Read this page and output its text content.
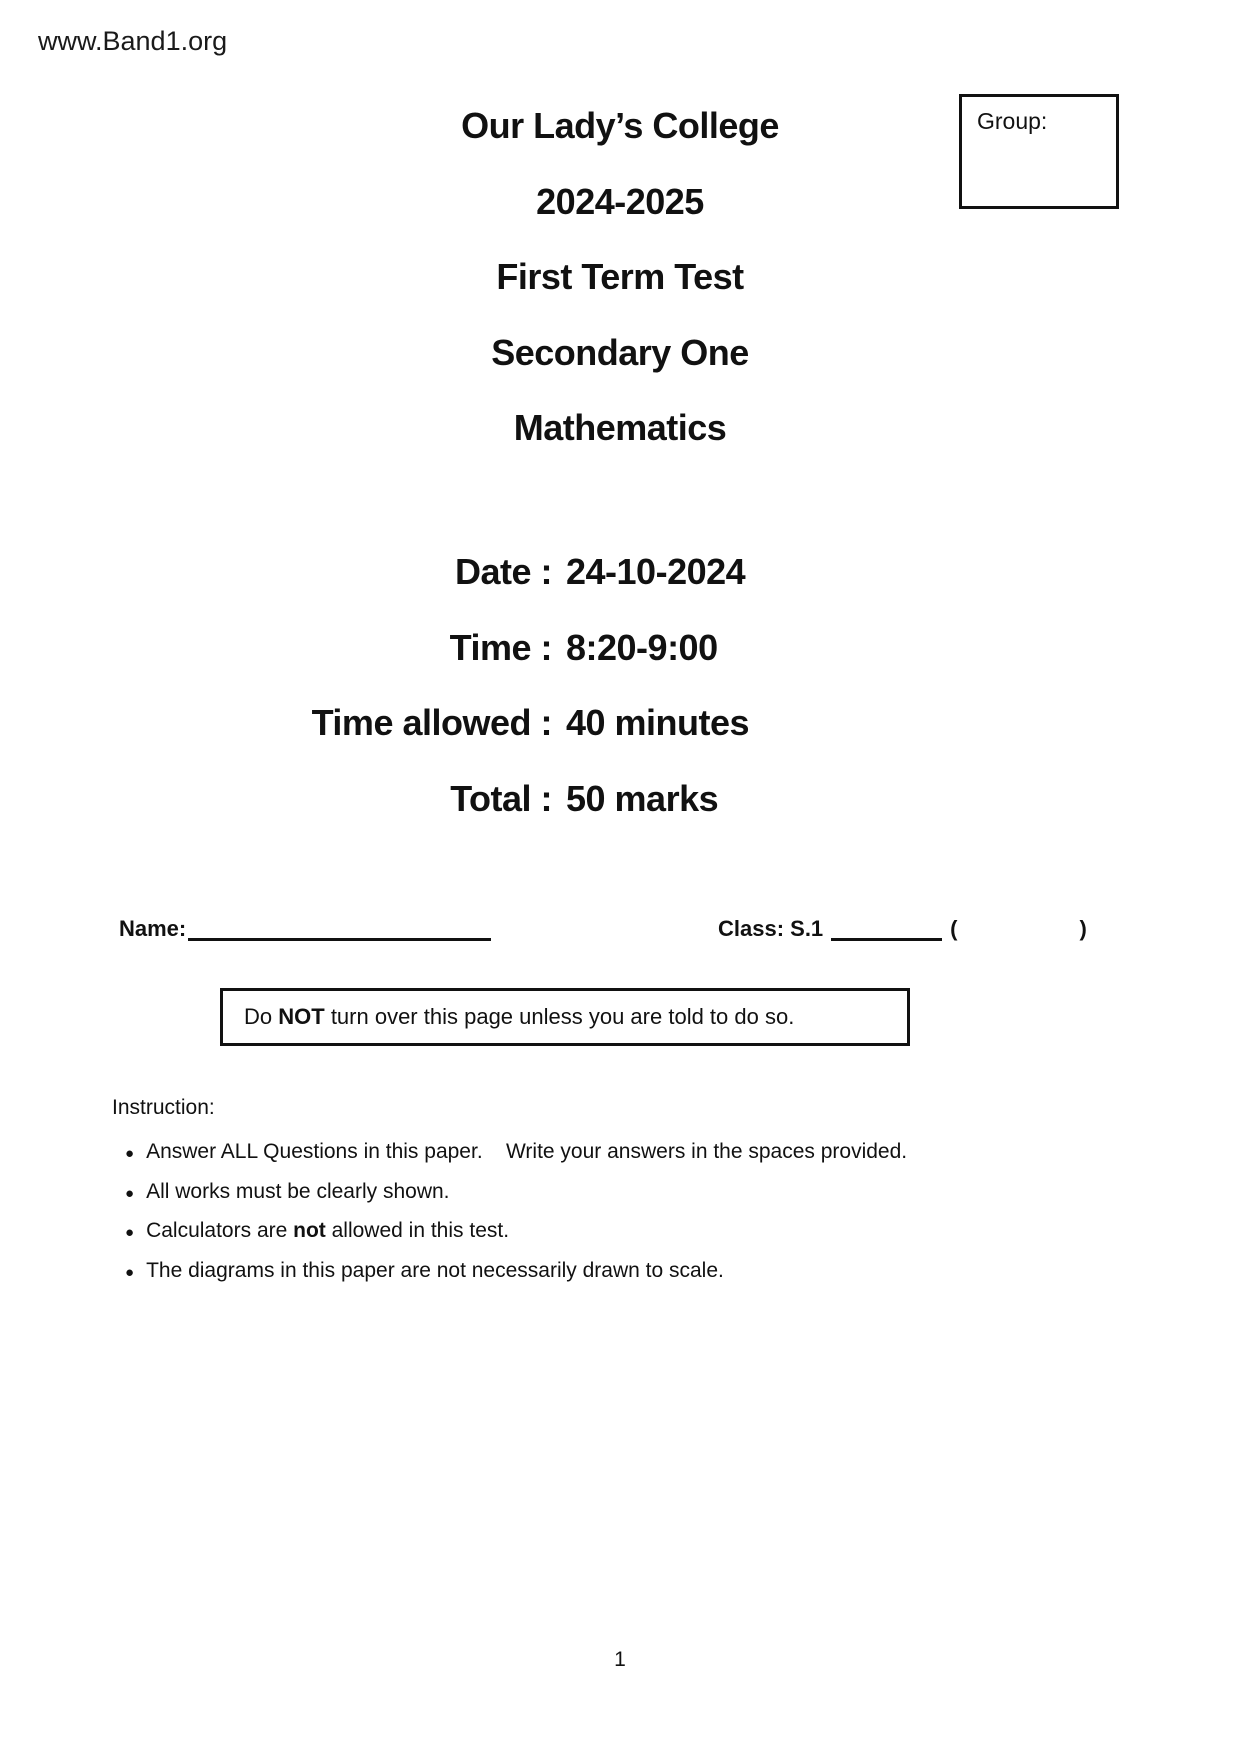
www.Band1.org
Group:
Our Lady’s College
2024-2025
First Term Test
Secondary One
Mathematics
Date : 24-10-2024
Time : 8:20-9:00
Time allowed : 40 minutes
Total : 50 marks
Name:	Class: S.1	(	)
Do NOT turn over this page unless you are told to do so.
Instruction:
● Answer ALL Questions in this paper.    Write your answers in the spaces provided.
● All works must be clearly shown.
● Calculators are not allowed in this test.
● The diagrams in this paper are not necessarily drawn to scale.
1
